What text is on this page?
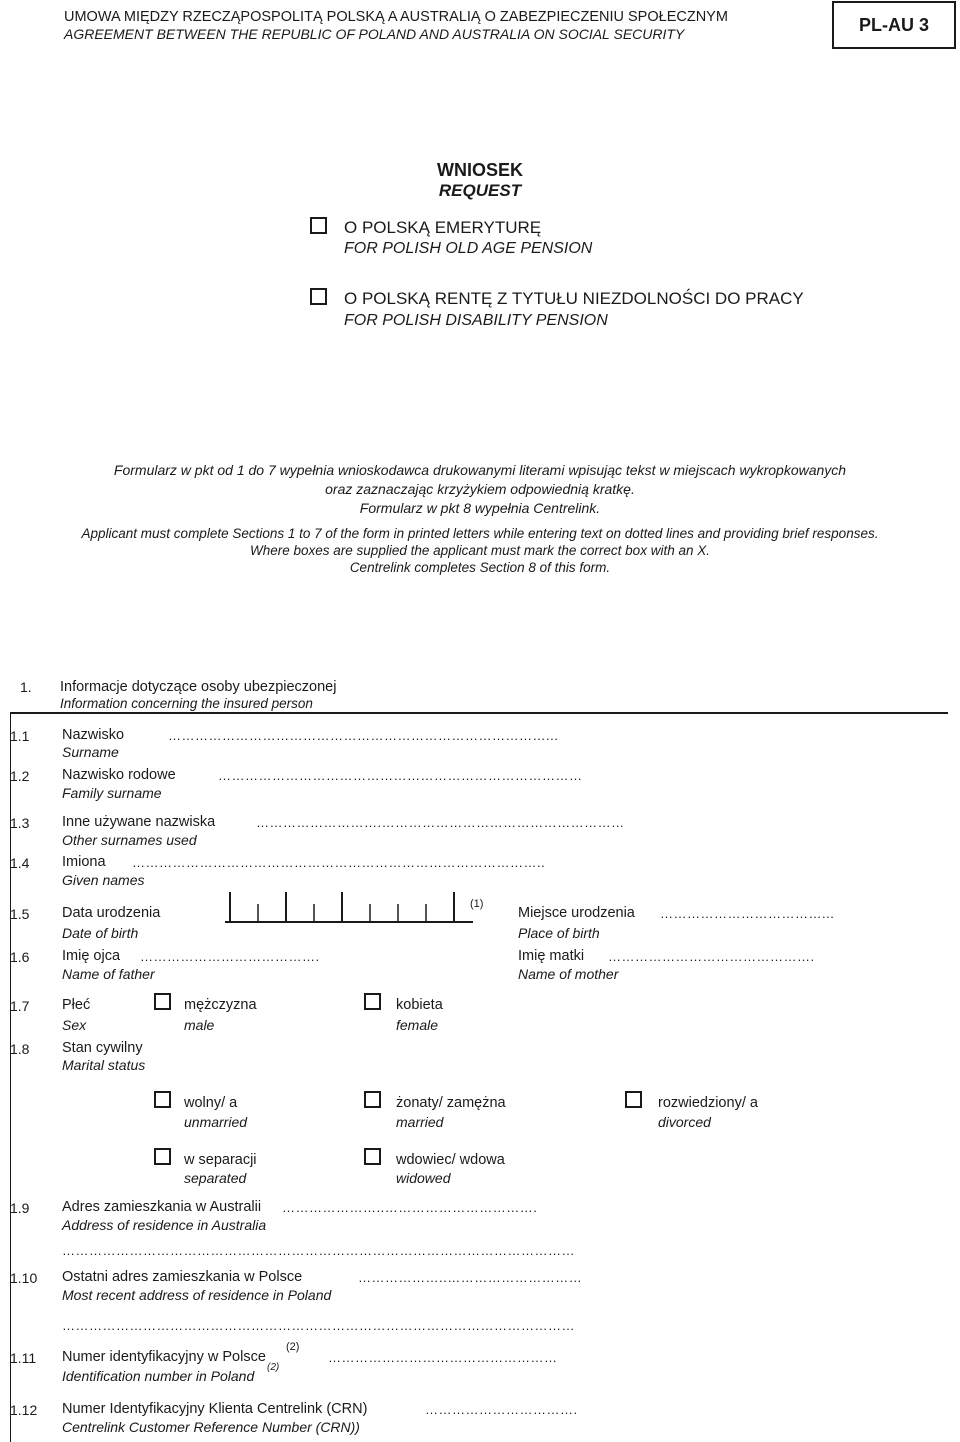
UMOWA MIĘDZY RZECZĄPOSPOLITĄ POLSKĄ A AUSTRALIĄ O ZABEZPIECZENIU SPOŁECZNYM
AGREEMENT BETWEEN THE REPUBLIC OF POLAND AND AUSTRALIA ON SOCIAL SECURITY	PL-AU 3
WNIOSEK
REQUEST
O POLSKĄ EMERYTURĘ
FOR POLISH OLD AGE PENSION
O POLSKĄ RENTĘ Z TYTUŁU NIEZDOLNOŚCI DO PRACY
FOR POLISH DISABILITY PENSION
Formularz w pkt od 1 do 7 wypełnia wnioskodawca drukowanymi literami wpisując tekst w miejscach wykropkowanych
oraz zaznaczając krzyżykiem odpowiednią kratkę.
Formularz w pkt 8 wypełnia Centrelink.
Applicant must complete Sections 1 to 7 of the form in printed letters while entering text on dotted lines and providing brief responses.
Where boxes are supplied the applicant must mark the correct box with an X.
Centrelink completes Section 8 of this form.
1. Informacje dotyczące osoby ubezpieczonej
Information concerning the insured person
1.1 Nazwisko
Surname
…………………………………………………………………………...
1.2 Nazwisko rodowe
Family surname
………………………………………………………………………
1.3 Inne używane nazwiska
Other surnames used
……………………….………………………………………………
1.4 Imiona
Given names
………………………………………………………………………………..
1.5 Data urodzenia
Date of birth
(1)
Miejsce urodzenia
Place of birth
………………………………...
1.6 Imię ojca
Name of father
………………………………….	Imię matki
Name of mother
……………………………………….
1.7 Płeć
Sex
mężczyzna
male
kobieta
female
1.8 Stan cywilny
Marital status
wolny/ a
unmarried
żonaty/ zamężna
married
rozwiedziony/ a
divorced
w separacji
separated
wdowiec/ wdowa
widowed
1.9 Adres zamieszkania w Australii
Address of residence in Australia
…………………..…………………………….
……………………………………………………………………………………………………
1.10 Ostatni adres zamieszkania w Polsce
Most recent address of residence in Poland
………………..…………………………
……………………………………………………………………………………………………
1.11 Numer identyfikacyjny w Polsce
(2)
Identification number in Poland
(2)
……………………………………………
1.12 Numer Identyfikacyjny Klienta Centrelink (CRN)
Centrelink Customer Reference Number (CRN))
…………………………….
